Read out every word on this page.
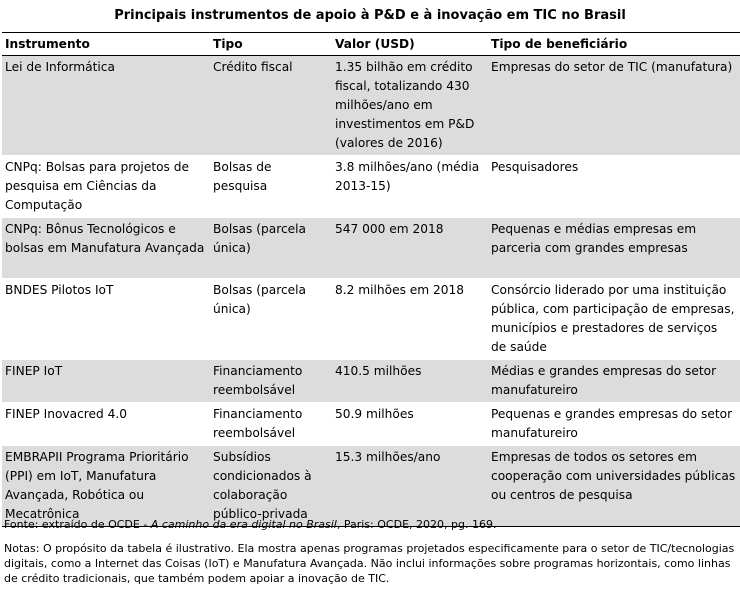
Principais instrumentos de apoio à P&D e à inovação em TIC no Brasil
Instrumento	Tipo	Valor (USD)	Tipo de beneficiário
Lei de Informática	Crédito fiscal	1.35 bilhão em crédito fiscal, totalizando 430 milhões/ano em investimentos em P&D (valores de 2016)	Empresas do setor de TIC (manufatura)
CNPq: Bolsas para projetos de pesquisa em Ciências da Computação	Bolsas de pesquisa	3.8 milhões/ano (média 2013-15)	Pesquisadores
CNPq: Bônus Tecnológicos e bolsas em Manufatura Avançada	Bolsas (parcela única)	547 000 em 2018	Pequenas e médias empresas em parceria com grandes empresas
BNDES Pilotos IoT	Bolsas (parcela única)	8.2 milhões em 2018	Consórcio liderado por uma instituição pública, com participação de empresas, municípios e prestadores de serviços de saúde
FINEP IoT	Financiamento reembolsável	410.5 milhões	Médias e grandes empresas do setor manufatureiro
FINEP Inovacred 4.0	Financiamento reembolsável	50.9 milhões	Pequenas e grandes empresas do setor manufatureiro
EMBRAPII Programa Prioritário (PPI) em IoT, Manufatura Avançada, Robótica ou Mecatrônica	Subsídios condicionados à colaboração público-privada	15.3 milhões/ano	Empresas de todos os setores em cooperação com universidades públicas ou centros de pesquisa
Fonte: extraído de OCDE - A caminho da era digital no Brasil, Paris: OCDE, 2020, pg. 169.
Notas: O propósito da tabela é ilustrativo. Ela mostra apenas programas projetados especificamente para o setor de TIC/tecnologias digitais, como a Internet das Coisas (IoT) e Manufatura Avançada. Não inclui informações sobre programas horizontais, como linhas de crédito tradicionais, que também podem apoiar a inovação de TIC.
